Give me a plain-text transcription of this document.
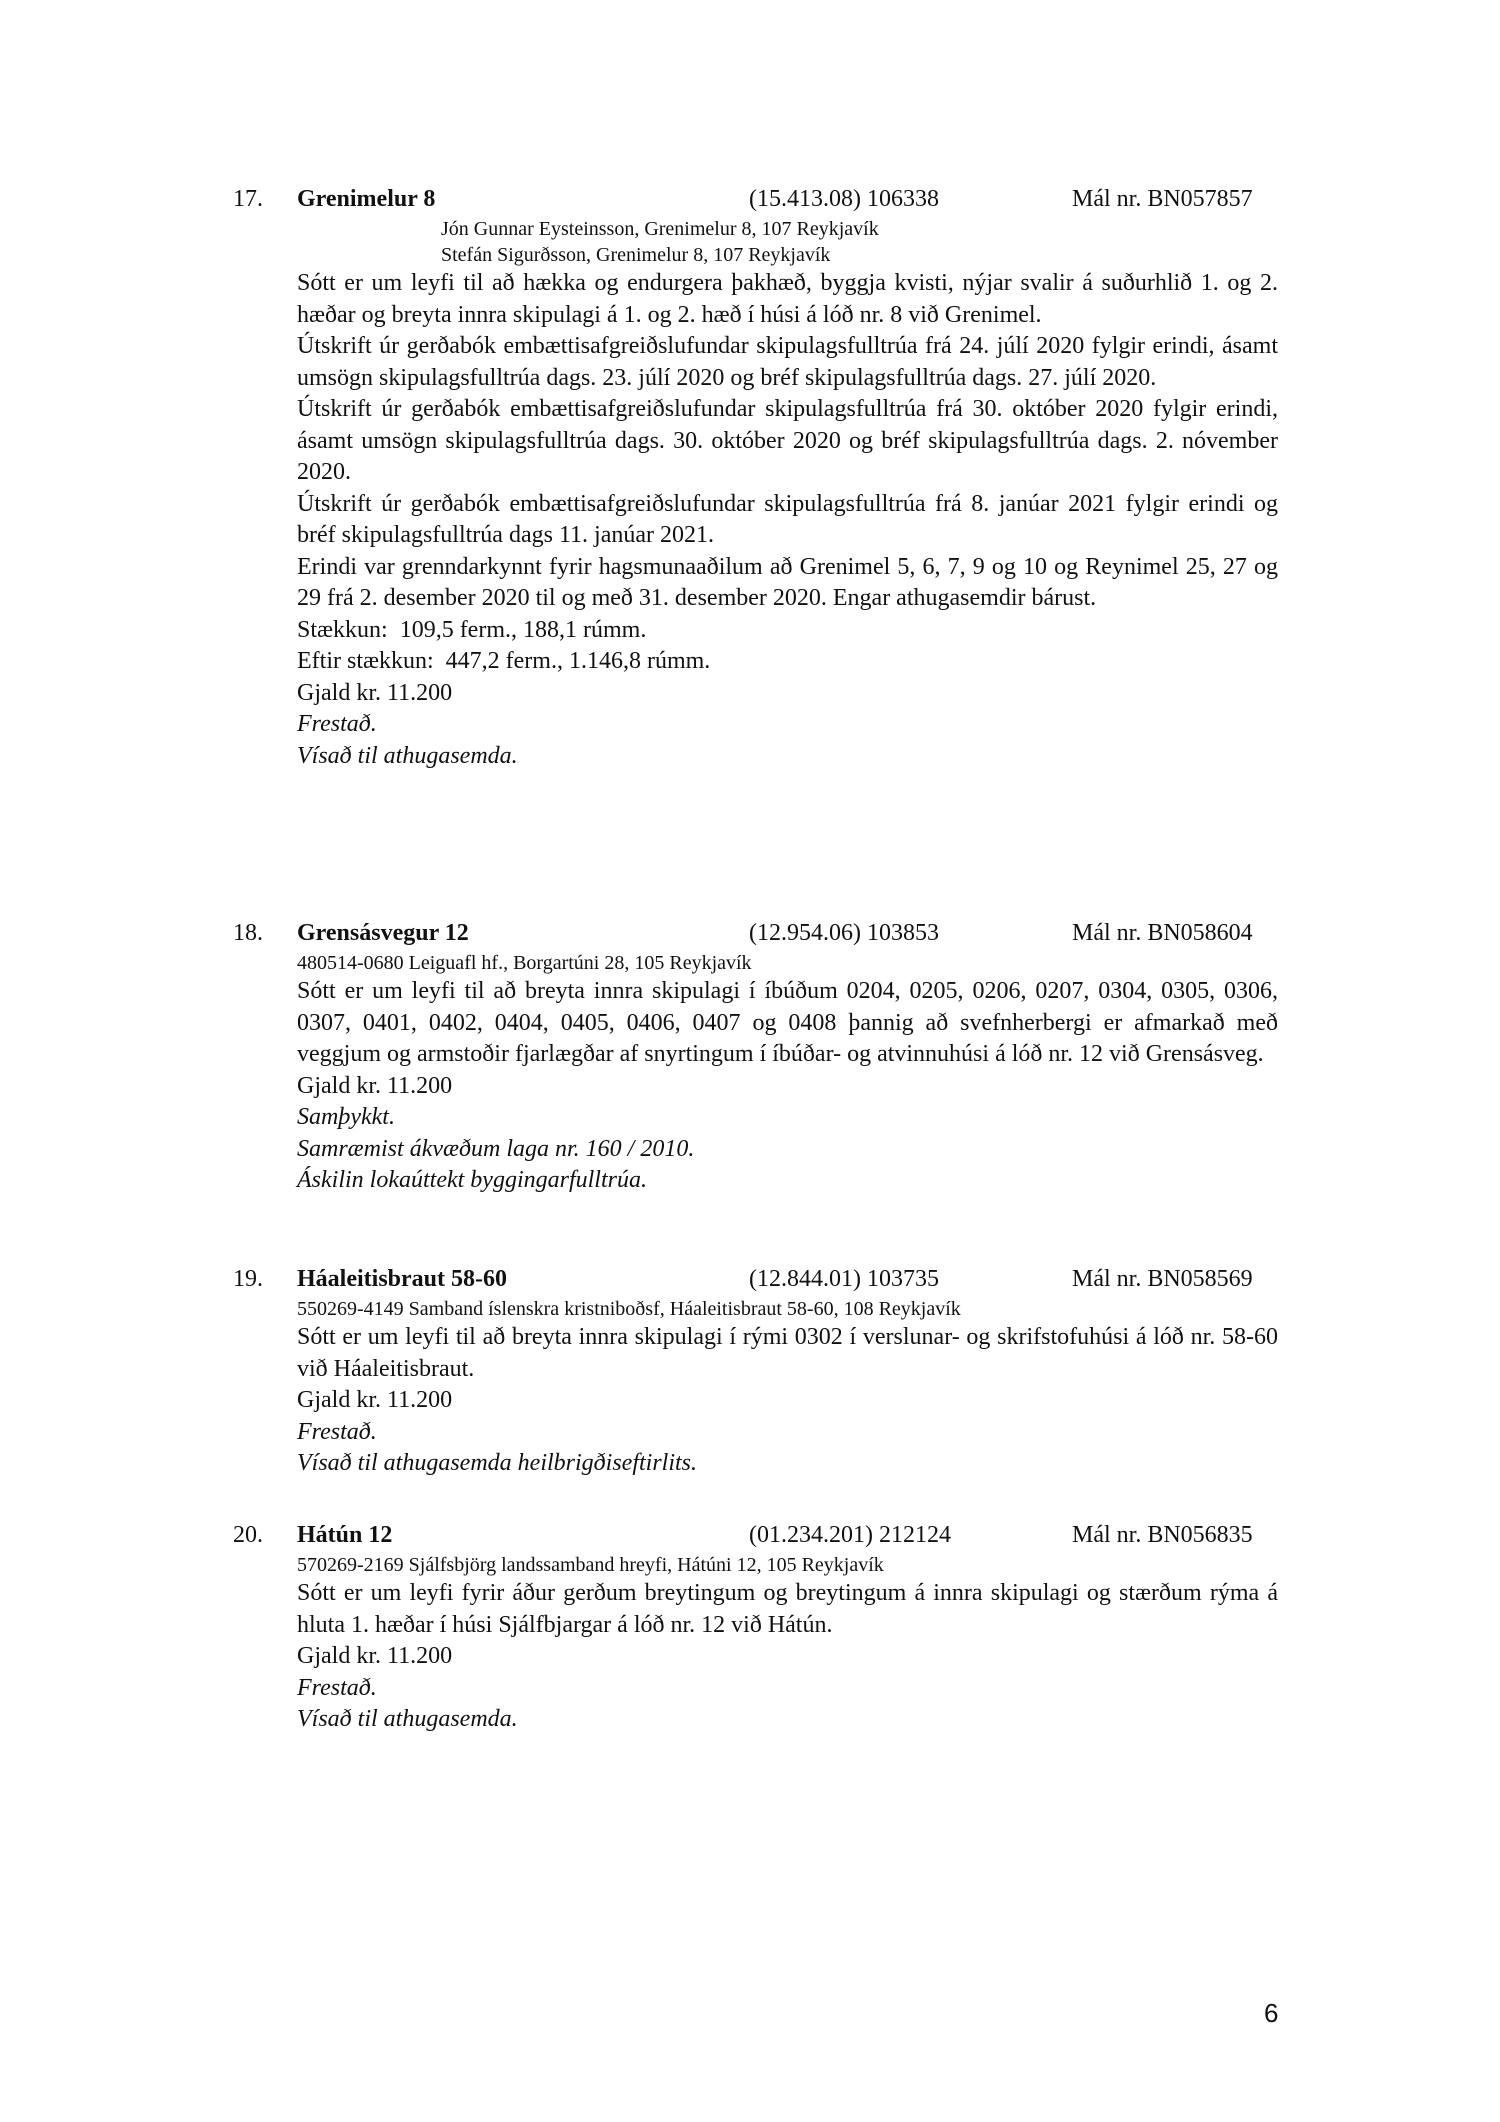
17. Grenimelur 8	(15.413.08) 106338	Mál nr. BN057857
Jón Gunnar Eysteinsson, Grenimelur 8, 107 Reykjavík
Stefán Sigurðsson, Grenimelur 8, 107 Reykjavík

Sótt er um leyfi til að hækka og endurgera þakhæð, byggja kvisti, nýjar svalir á suðurhlið 1. og 2. hæðar og breyta innra skipulagi á 1. og 2. hæð í húsi á lóð nr. 8 við Grenimel.

Útskrift úr gerðabók embættisafgreiðslufundar skipulagsfulltrúa frá 24. júlí 2020 fylgir erindi, ásamt umsögn skipulagsfulltrúa dags. 23. júlí 2020 og bréf skipulagsfulltrúa dags. 27. júlí 2020.

Útskrift úr gerðabók embættisafgreiðslufundar skipulagsfulltrúa frá 30. október 2020 fylgir erindi, ásamt umsögn skipulagsfulltrúa dags. 30. október 2020 og bréf skipulagsfulltrúa dags. 2. nóvember 2020.

Útskrift úr gerðabók embættisafgreiðslufundar skipulagsfulltrúa frá 8. janúar 2021 fylgir erindi og bréf skipulagsfulltrúa dags 11. janúar 2021.

Erindi var grenndarkynnt fyrir hagsmunaaðilum að Grenimel 5, 6, 7, 9 og 10 og Reynimel 25, 27 og 29 frá 2. desember 2020 til og með 31. desember 2020. Engar athugasemdir bárust.

Stækkun:  109,5 ferm., 188,1 rúmm.

Eftir stækkun:  447,2 ferm., 1.146,8 rúmm.

Gjald kr. 11.200

Frestað.

Vísað til athugasemda.

18. Grensásvegur 12	(12.954.06) 103853	Mál nr. BN058604
480514-0680 Leiguafl hf., Borgartúni 28, 105 Reykjavík

Sótt er um leyfi til að breyta innra skipulagi í íbúðum 0204, 0205, 0206, 0207, 0304, 0305, 0306, 0307, 0401, 0402, 0404, 0405, 0406, 0407 og 0408 þannig að svefnherbergi er afmarkað með veggjum og armstoðir fjarlægðar af snyrtingum í íbúðar- og atvinnuhúsi á lóð nr. 12 við Grensásveg.

Gjald kr. 11.200

Samþykkt.

Samræmist ákvæðum laga nr. 160 / 2010.

Áskilin lokaúttekt byggingarfulltrúa.

19. Háaleitisbraut 58-60	(12.844.01) 103735	Mál nr. BN058569
550269-4149 Samband íslenskra kristniboðsf, Háaleitisbraut 58-60, 108 Reykjavík

Sótt er um leyfi til að breyta innra skipulagi í rými 0302 í verslunar- og skrifstofuhúsi á lóð nr. 58-60 við Háaleitisbraut.

Gjald kr. 11.200

Frestað.

Vísað til athugasemda heilbrigðiseftirlits.

20. Hátún 12	(01.234.201) 212124	Mál nr. BN056835
570269-2169 Sjálfsbjörg landssamband hreyfi, Hátúni 12, 105 Reykjavík

Sótt er um leyfi fyrir áður gerðum breytingum og breytingum á innra skipulagi og stærðum rýma á hluta 1. hæðar í húsi Sjálfbjargar á lóð nr. 12 við Hátún.

Gjald kr. 11.200

Frestað.

Vísað til athugasemda.

6
